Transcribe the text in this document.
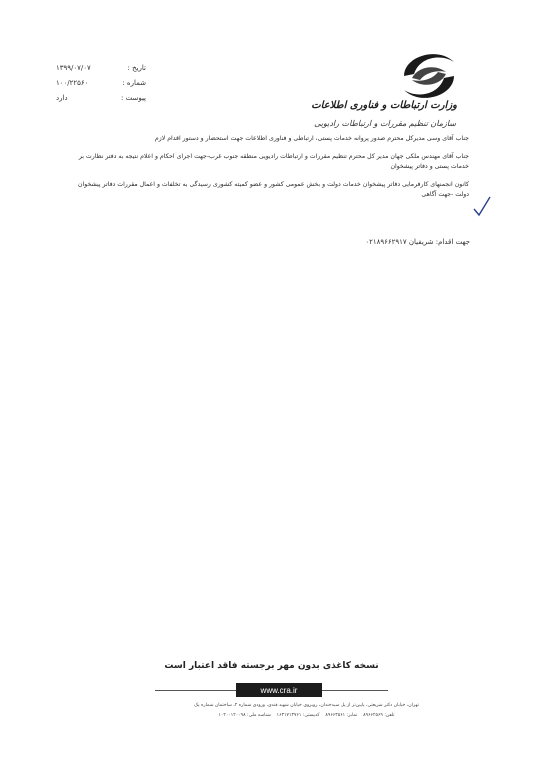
وزارت ارتباطات و فناوری اطلاعات
سازمان تنظیم مقررات و ارتباطات رادیویی
تاریخ :
۱۳۹۹/۰۷/۰۷
شماره :
۱۰۰/۲۲۵۶۰
پیوست :
دارد
جناب آقای وسی مدیرکل محترم صدور پروانه خدمات پستی، ارتباطی و فناوری اطلاعات جهت استحضار و دستور اقدام لازم
جناب آقای مهندس ملکی جهان مدیر کل محترم تنظیم مقررات و ارتباطات رادیویی منطقه جنوب غرب-جهت اجرای احکام و اعلام نتیجه به دفتر نظارت بر خدمات پستی و دفاتر پیشخوان
کانون انجمنهای کارفرمایی دفاتر پیشخوان خدمات دولت و بخش عمومی کشور و عضو کمیته کشوری رسیدگی به تخلفات و اعمال مقررات دفاتر پیشخوان دولت -جهت آگاهی
جهت اقدام: شریفیان ۰۲۱۸۹۶۶۲۹۱۷
نسخه کاغذی بدون مهر برجسته فاقد اعتبار است
www.cra.ir
تهران، خیابان دکتر شریعتی، پایین‌تر از پل سیدخندان، روبروی خیابان شهید قندی، ورودی شماره ۲، ساختمان شماره یک
تلفن: ۸۹۶۶۲۵۶۹    نمابر: ۸۹۶۶۳۵۶۱    کدپستی: ۱۶۳۱۷۱۳۷۶۱    شناسه ملی: ۱۰۲۰۰۱۲۰۰۹۸
